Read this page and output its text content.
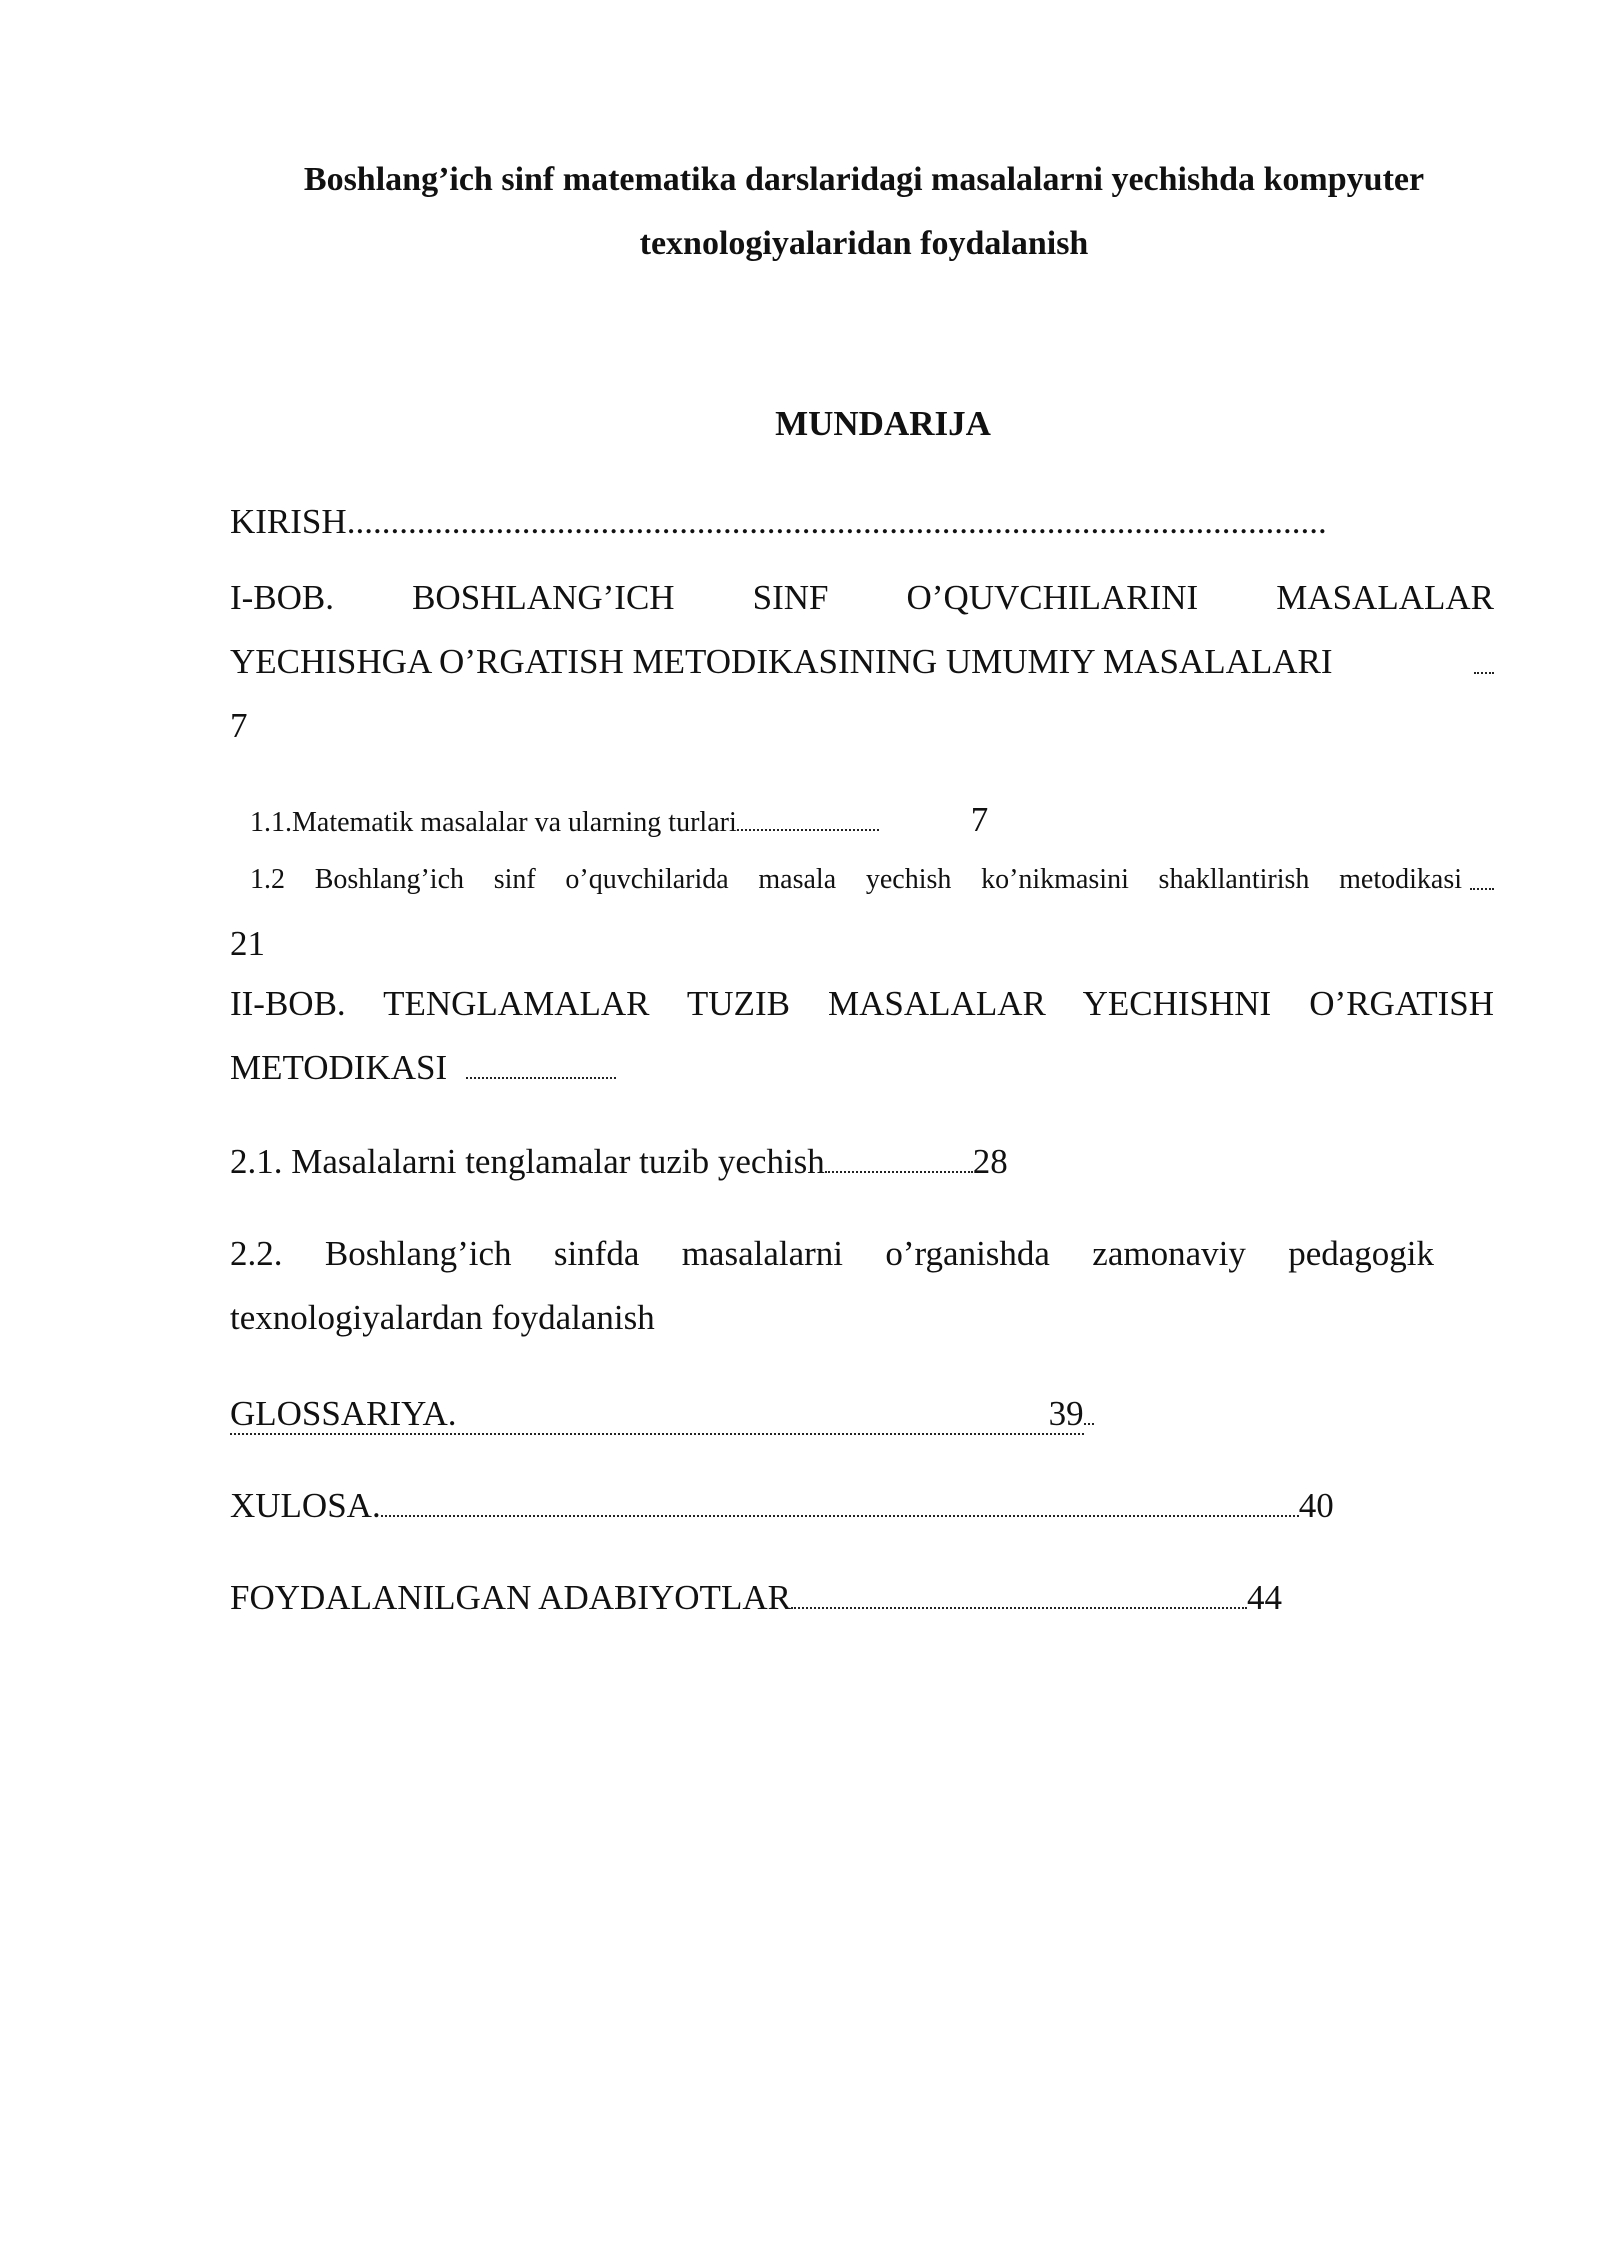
Boshlang’ich sinf matematika darslaridagi masalalarni yechishda kompyuter
texnologiyalaridan foydalanish
MUNDARIJA
KIRISH................................................................................................................
I-BOB. BOSHLANG’ICH SINF O’QUVCHILARINI MASALALAR
YECHISHGA O’RGATISH METODIKASINING UMUMIY MASALALARI
7
1.1.Matematik masalalar va ularning turlari	7
1.2 Boshlang’ich sinf o’quvchilarida masala yechish ko’nikmasini shakllantirish metodikasi
21
II-BOB. TENGLAMALAR TUZIB MASALALAR YECHISHNI O’RGATISH
METODIKASI
2.1. Masalalarni tenglamalar tuzib yechish	28
2.2. Boshlang’ich sinfda masalalarni o’rganishda zamonaviy pedagogik
texnologiyalardan foydalanish
GLOSSARIYA.	39
XULOSA.	40
FOYDALANILGAN ADABIYOTLAR	44
